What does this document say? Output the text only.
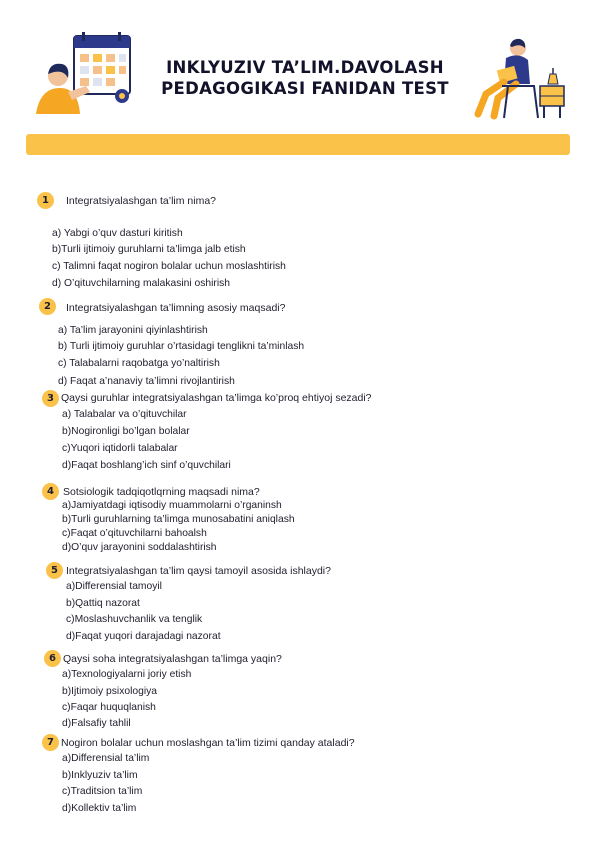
INKLYUZIV TA’LIM.DAVOLASH
PEDAGOGIKASI FANIDAN TEST
1	Integratsiyalashgan ta’lim nima?
a) Yabgi o’quv dasturi kiritish
b)Turli ijtimoiy guruhlarni ta’limga jalb etish
c) Talimni faqat nogiron bolalar uchun moslashtirish
d) O’qituvchilarning malakasini oshirish
2	Integratsiyalashgan ta’limning asosiy maqsadi?
a) Ta’lim jarayonini qiyinlashtirish
b) Turli ijtimoiy guruhlar o’rtasidagi tenglikni ta’minlash
c) Talabalarni raqobatga yo’naltirish
d) Faqat a’nanaviy ta’limni rivojlantirish
3 Qaysi guruhlar integratsiyalashgan ta’limga ko’proq ehtiyoj sezadi?
a) Talabalar va o’qituvchilar
b)Nogironligi bo’lgan bolalar
c)Yuqori iqtidorli talabalar
d)Faqat boshlang’ich sinf o’quvchilari
4 Sotsiologik tadqiqotlqrning maqsadi nima?
a)Jamiyatdagi iqtisodiy muammolarni o’rganinsh
b)Turli guruhlarning ta’limga munosabatini aniqlash
c)Faqat o’qituvchilarni bahoalsh
d)O’quv jarayonini soddalashtirish
5 Integratsiyalashgan ta’lim qaysi tamoyil asosida ishlaydi?
a)Differensial tamoyil
b)Qattiq nazorat
c)Moslashuvchanlik va tenglik
d)Faqat yuqori darajadagi nazorat
6 Qaysi soha integratsiyalashgan ta’limga yaqin?
a)Texnologiyalarni joriy etish
b)Ijtimoiy psixologiya
c)Faqar huquqlanish
d)Falsafiy tahlil
7 Nogiron bolalar uchun moslashgan ta’lim tizimi qanday ataladi?
a)Differensial ta’lim
b)Inklyuziv ta’lim
c)Traditsion ta’lim
d)Kollektiv ta’lim
